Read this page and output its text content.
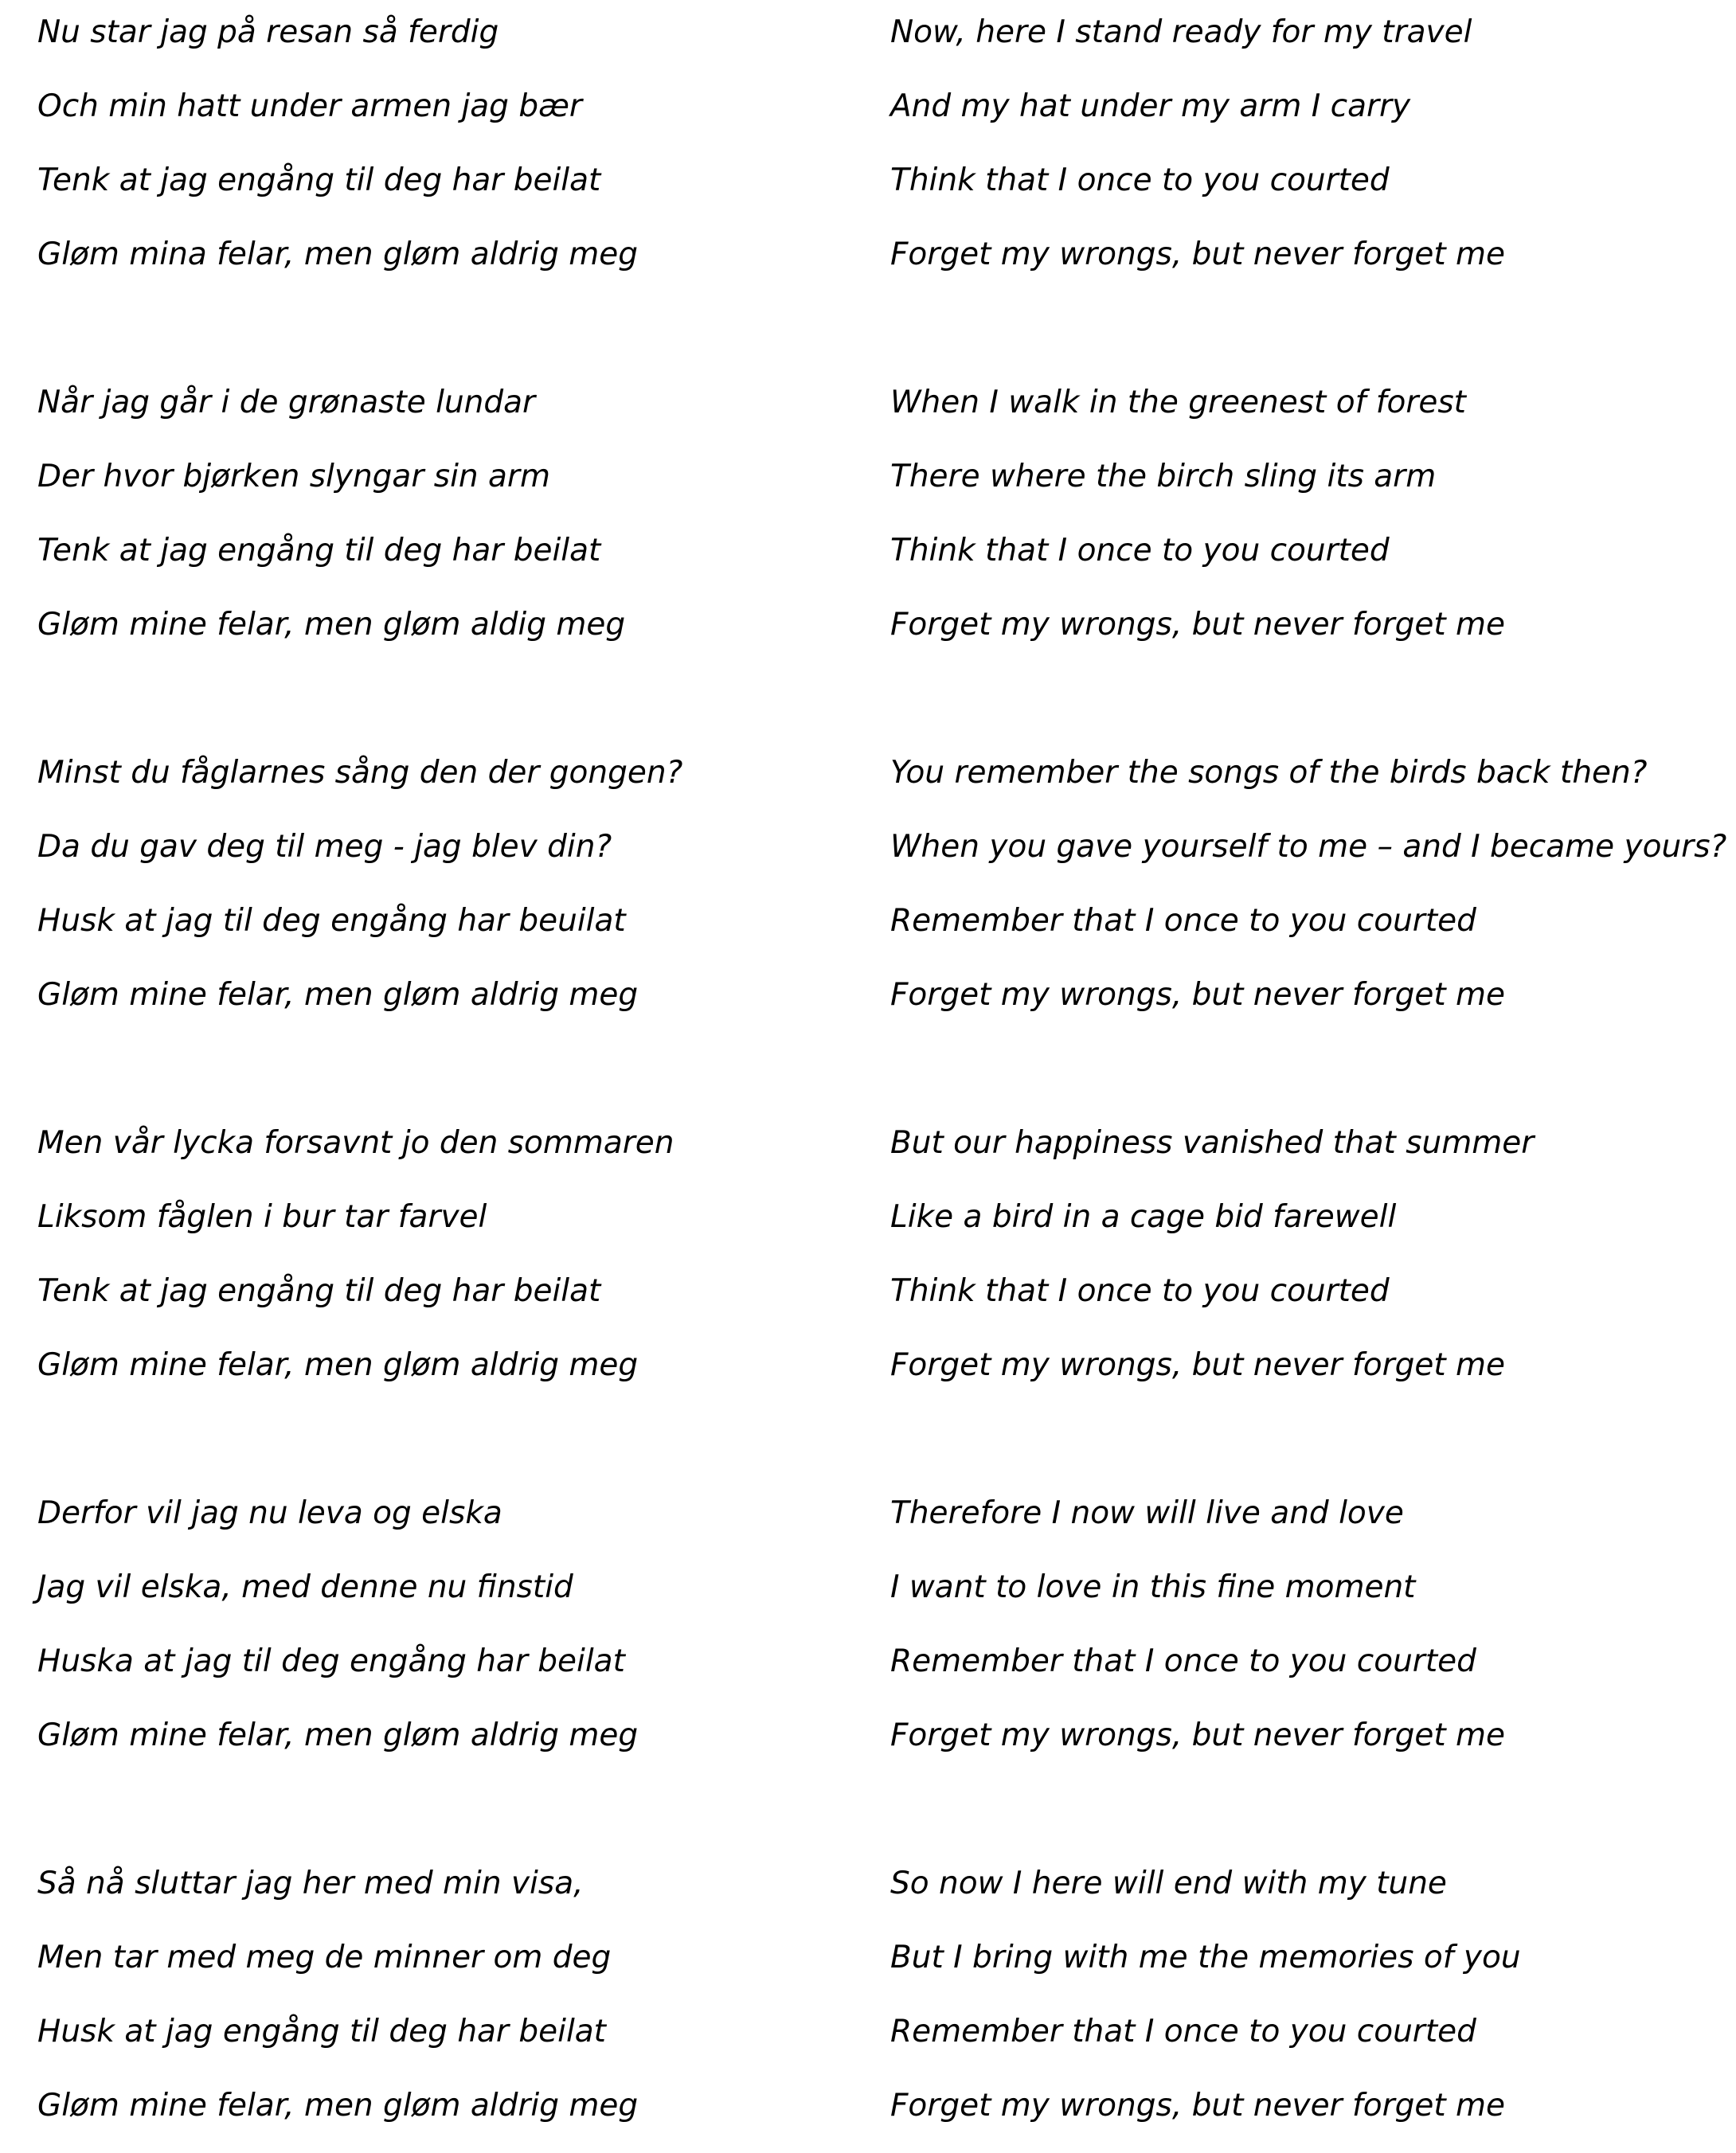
Nu star jag på resan så ferdig
Och min hatt under armen jag bær
Tenk at jag engång til deg har beilat
Gløm mina felar, men gløm aldrig meg
Når jag går i de grønaste lundar
Der hvor bjørken slyngar sin arm
Tenk at jag engång til deg har beilat
Gløm mine felar, men gløm aldig meg
Minst du fåglarnes sång den der gongen?
Da du gav deg til meg - jag blev din?
Husk at jag til deg engång har beuilat
Gløm mine felar, men gløm aldrig meg
Men vår lycka forsavnt jo den sommaren
Liksom fåglen i bur tar farvel
Tenk at jag engång til deg har beilat
Gløm mine felar, men gløm aldrig meg
Derfor vil jag nu leva og elska
Jag vil elska, med denne nu finstid
Huska at jag til deg engång har beilat
Gløm mine felar, men gløm aldrig meg
Så nå sluttar jag her med min visa,
Men tar med meg de minner om deg
Husk at jag engång til deg har beilat
Gløm mine felar, men gløm aldrig meg
Now, here I stand ready for my travel
And my hat under my arm I carry
Think that I once to you courted
Forget my wrongs, but never forget me
When I walk in the greenest of forest
There where the birch sling its arm
Think that I once to you courted
Forget my wrongs, but never forget me
You remember the songs of the birds back then?
When you gave yourself to me – and I became yours?
Remember that I once to you courted
Forget my wrongs, but never forget me
But our happiness vanished that summer
Like a bird in a cage bid farewell
Think that I once to you courted
Forget my wrongs, but never forget me
Therefore I now will live and love
I want to love in this fine moment
Remember that I once to you courted
Forget my wrongs, but never forget me
So now I here will end with my tune
But I bring with me the memories of you
Remember that I once to you courted
Forget my wrongs, but never forget me
